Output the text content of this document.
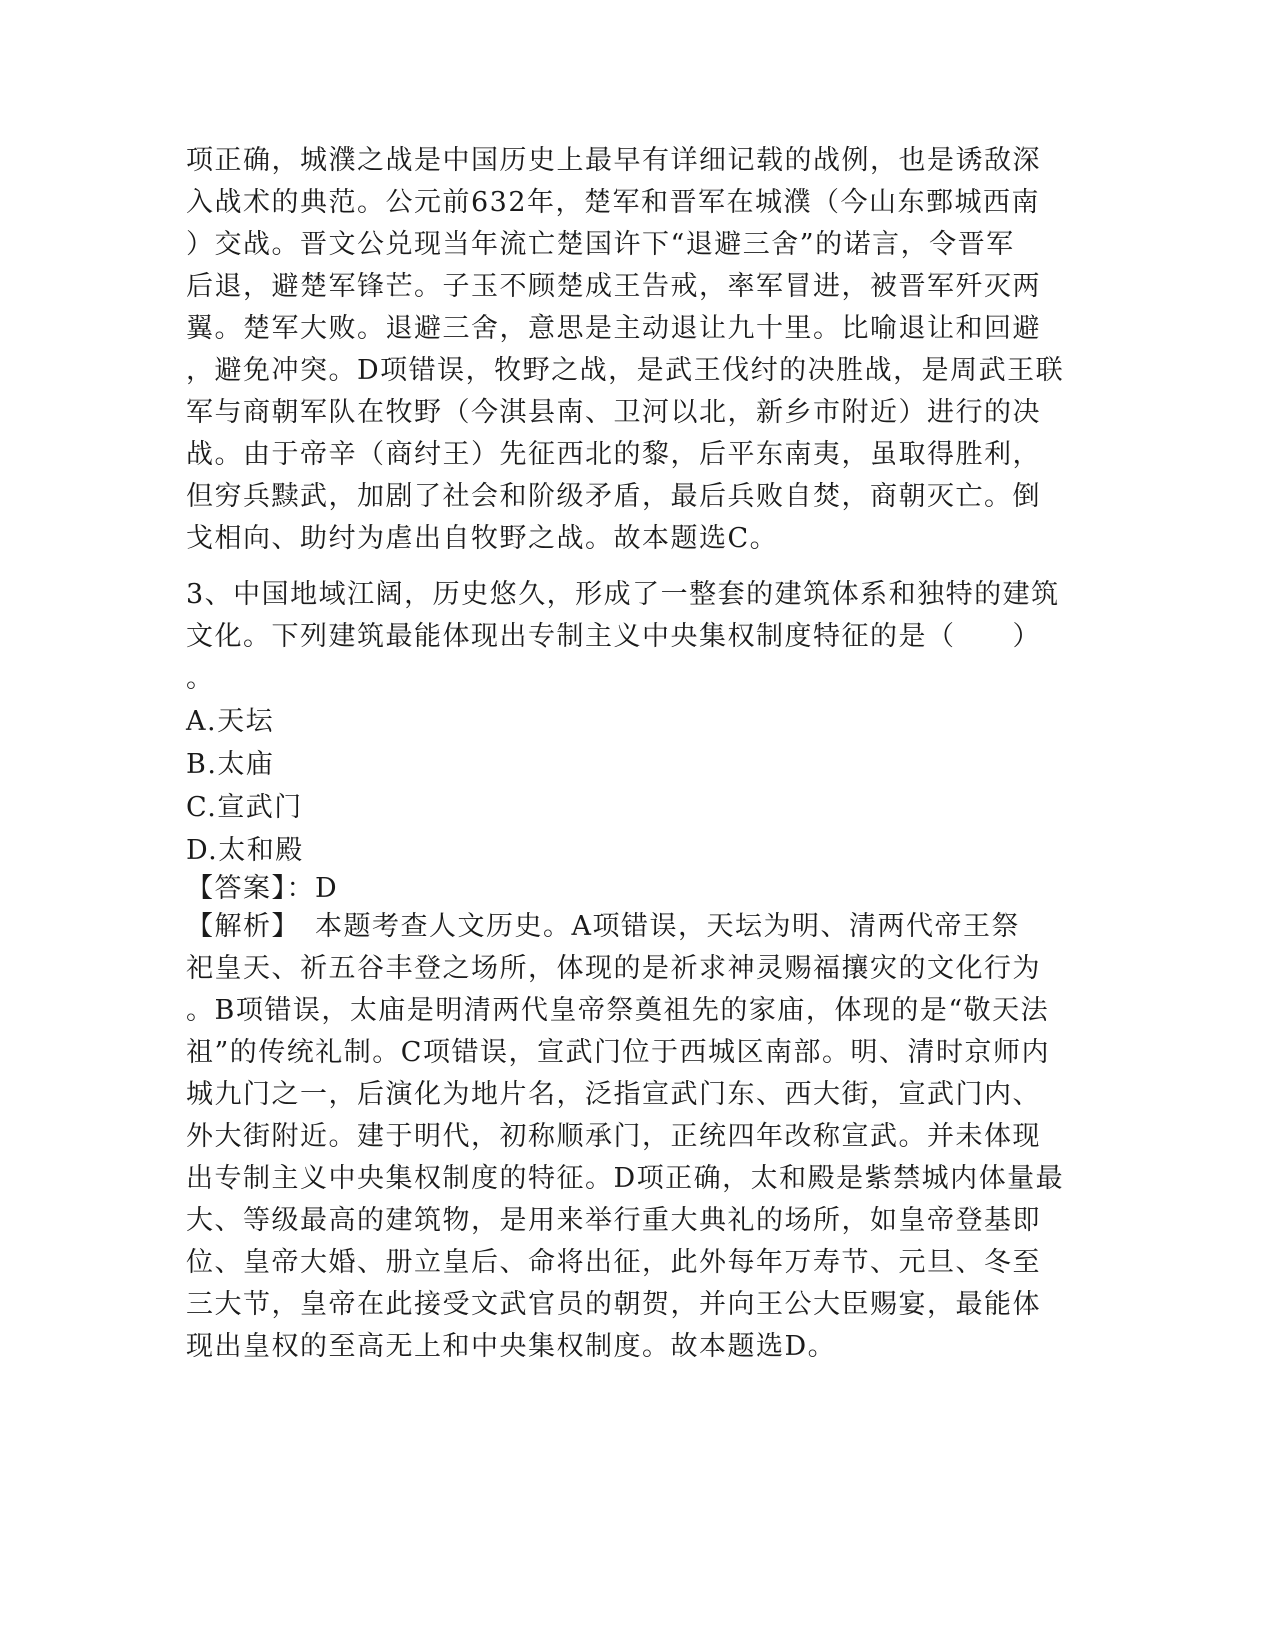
项正确，城濮之战是中国历史上最早有详细记载的战例，也是诱敌深
入战术的典范。公元前632年，楚军和晋军在城濮（今山东鄄城西南
）交战。晋文公兑现当年流亡楚国许下“退避三舍”的诺言，令晋军
后退，避楚军锋芒。子玉不顾楚成王告戒，率军冒进，被晋军歼灭两
翼。楚军大败。退避三舍，意思是主动退让九十里。比喻退让和回避
，避免冲突。D项错误，牧野之战，是武王伐纣的决胜战，是周武王联
军与商朝军队在牧野（今淇县南、卫河以北，新乡市附近）进行的决
战。由于帝辛（商纣王）先征西北的黎，后平东南夷，虽取得胜利，
但穷兵黩武，加剧了社会和阶级矛盾，最后兵败自焚，商朝灭亡。倒
戈相向、助纣为虐出自牧野之战。故本题选C。
3、中国地域江阔，历史悠久，形成了一整套的建筑体系和独特的建筑
文化。下列建筑最能体现出专制主义中央集权制度特征的是（　　）
。
A.天坛
B.太庙
C.宣武门
D.太和殿
【答案】：D
【解析】　本题考查人文历史。A项错误，天坛为明、清两代帝王祭
祀皇天、祈五谷丰登之场所，体现的是祈求神灵赐福攘灾的文化行为
。B项错误，太庙是明清两代皇帝祭奠祖先的家庙，体现的是“敬天法
祖”的传统礼制。C项错误，宣武门位于西城区南部。明、清时京师内
城九门之一，后演化为地片名，泛指宣武门东、西大街，宣武门内、
外大街附近。建于明代，初称顺承门，正统四年改称宣武。并未体现
出专制主义中央集权制度的特征。D项正确，太和殿是紫禁城内体量最
大、等级最高的建筑物，是用来举行重大典礼的场所，如皇帝登基即
位、皇帝大婚、册立皇后、命将出征，此外每年万寿节、元旦、冬至
三大节，皇帝在此接受文武官员的朝贺，并向王公大臣赐宴，最能体
现出皇权的至高无上和中央集权制度。故本题选D。
